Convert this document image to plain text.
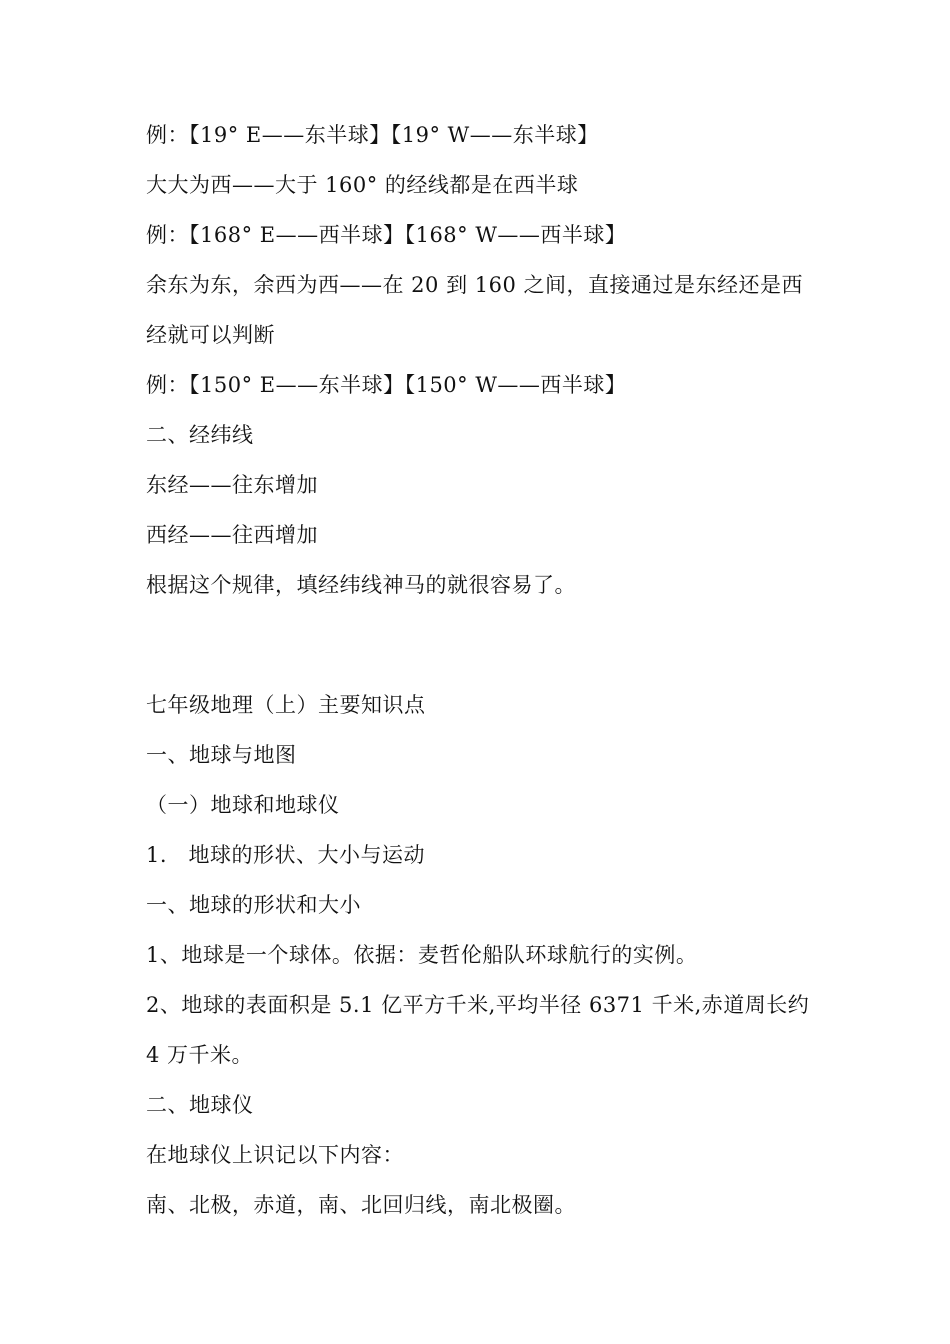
例：【19° E——东半球】【19° W——东半球】
大大为西——大于 160° 的经线都是在西半球
例：【168° E——西半球】【168° W——西半球】
余东为东，余西为西——在 20 到 160 之间，直接通过是东经还是西
经就可以判断
例：【150° E——东半球】【150° W——西半球】
二、经纬线
东经——往东增加
西经——往西增加
根据这个规律，填经纬线神马的就很容易了。
七年级地理（上）主要知识点
一、地球与地图
（一）地球和地球仪
1.　地球的形状、大小与运动
一、地球的形状和大小
1、地球是一个球体。依据：麦哲伦船队环球航行的实例。
2、地球的表面积是 5.1 亿平方千米,平均半径 6371 千米,赤道周长约
4 万千米。
二、地球仪
在地球仪上识记以下内容：
南、北极，赤道，南、北回归线，南北极圈。
